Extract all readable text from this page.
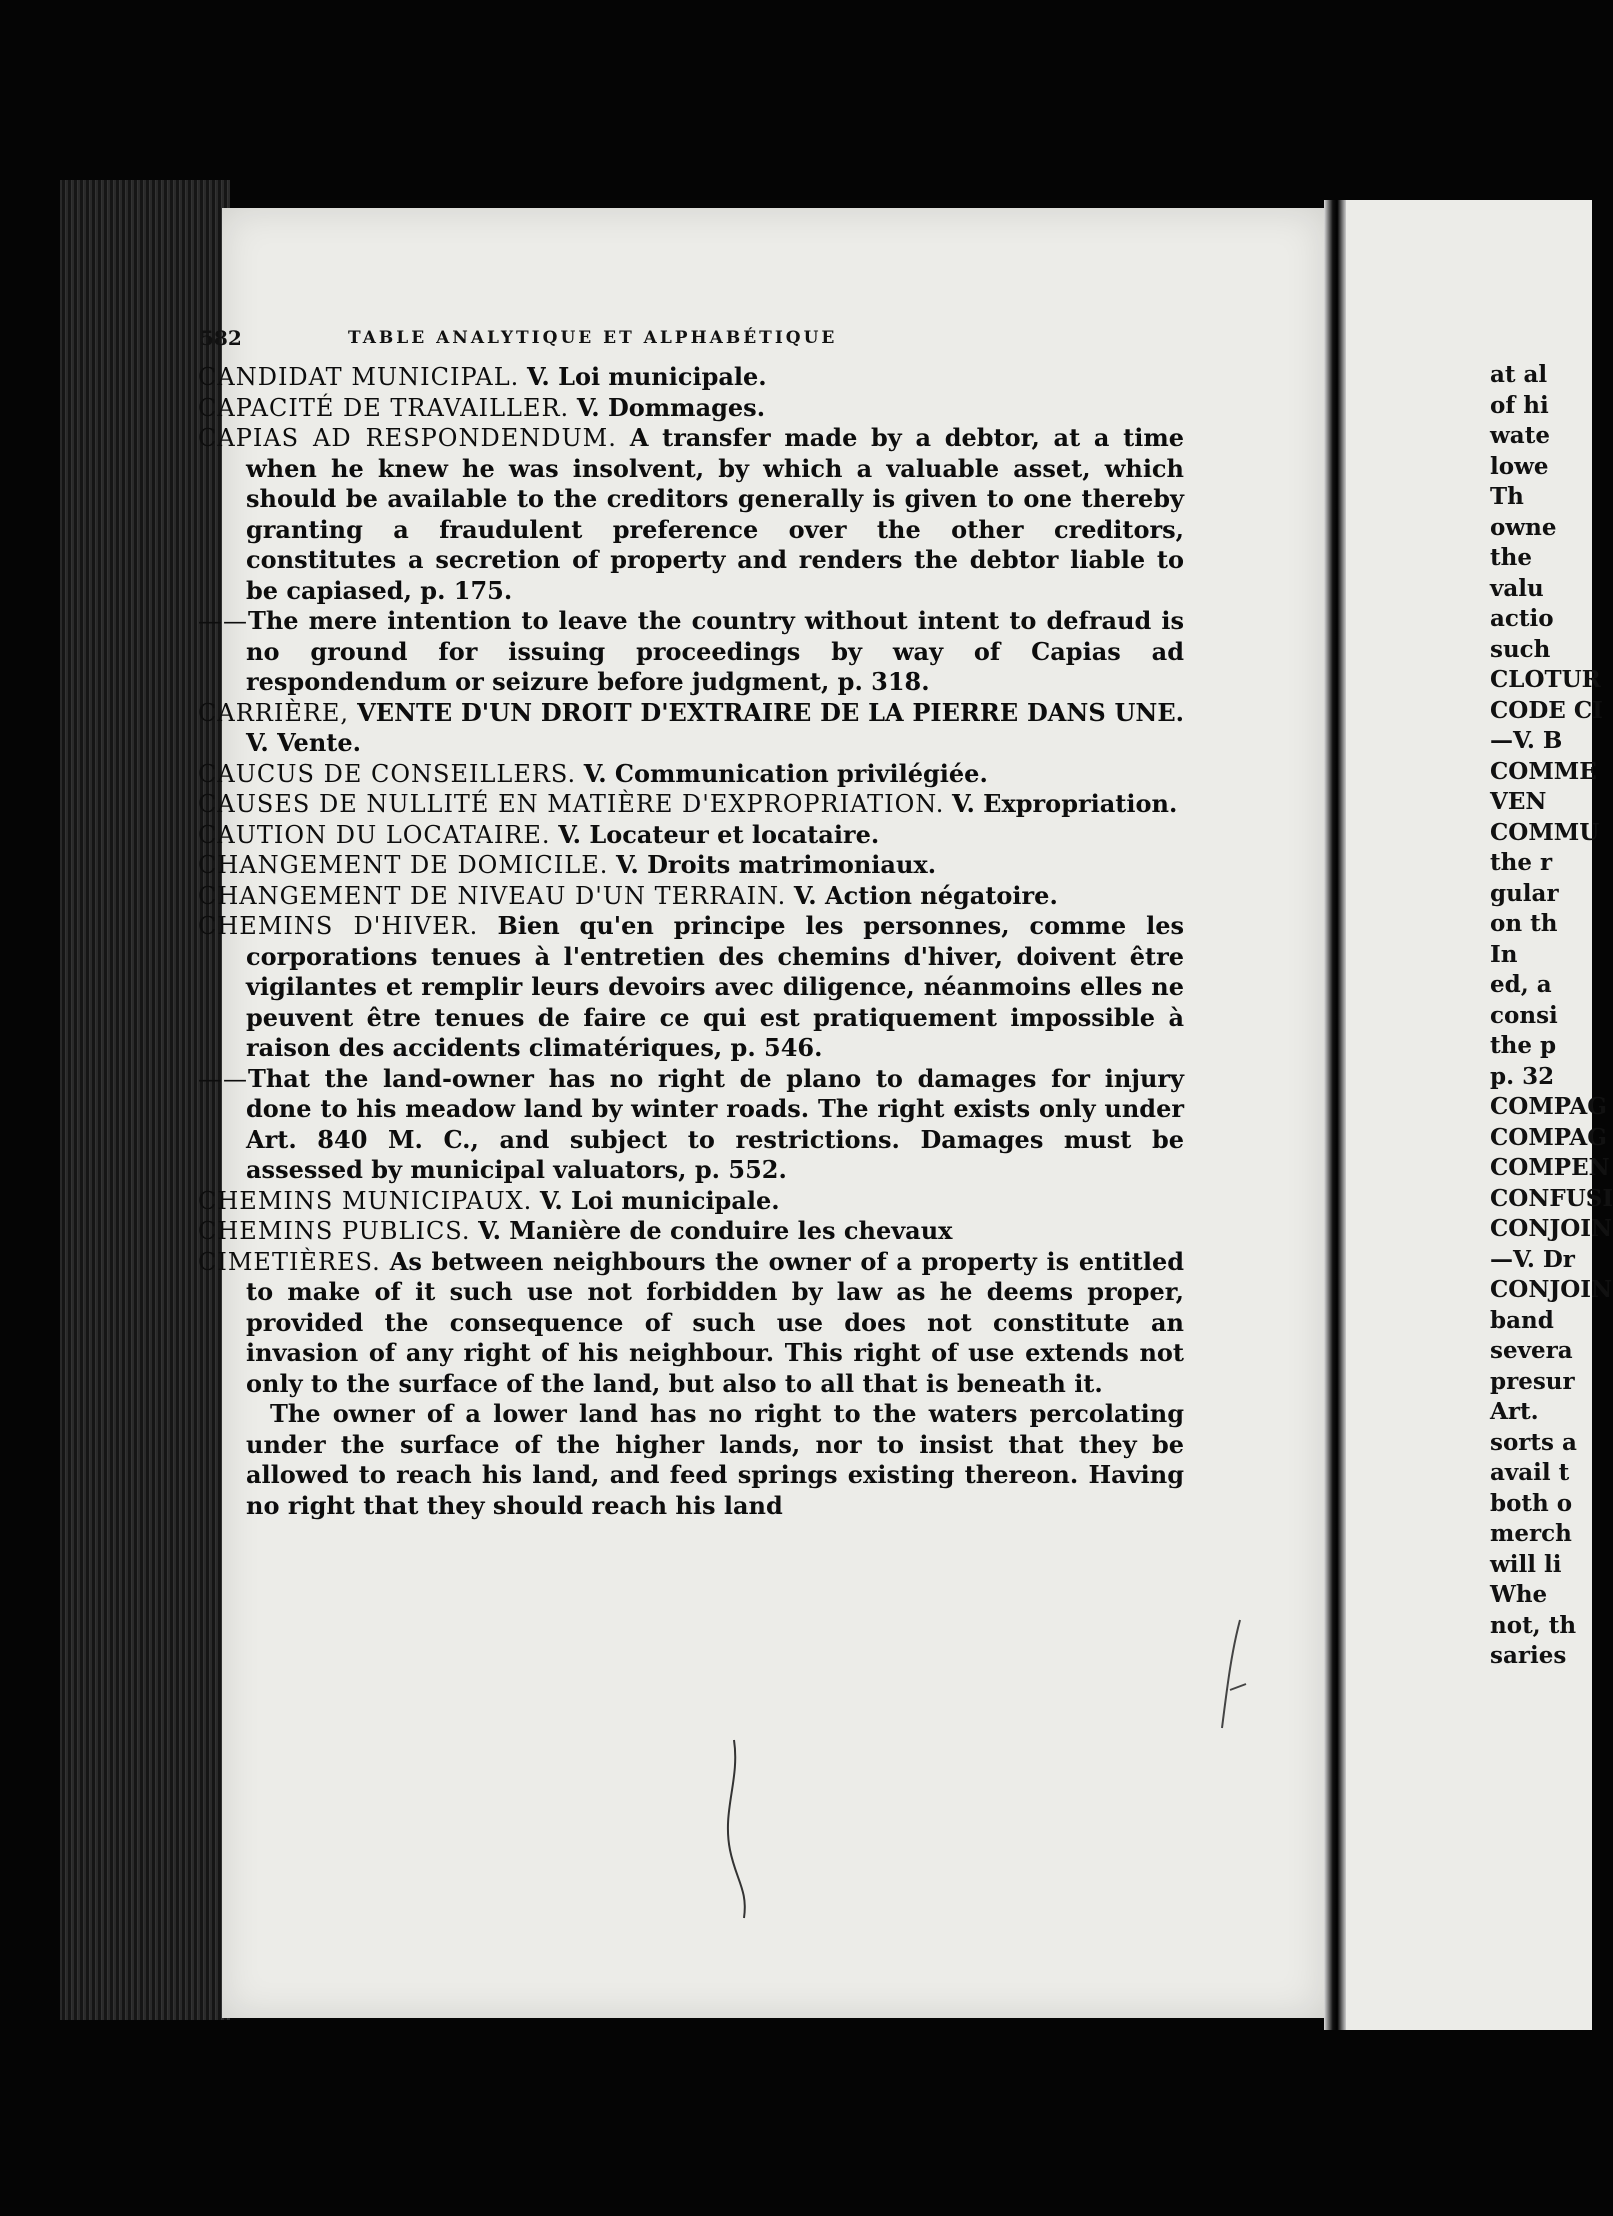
582	TABLE ANALYTIQUE ET ALPHABÉTIQUE

CANDIDAT MUNICIPAL. V. Loi municipale.

CAPACITÉ DE TRAVAILLER. V. Dommages.

CAPIAS AD RESPONDENDUM. A transfer made by a debtor, at a time when he knew he was insolvent, by which a valuable asset, which should be available to the creditors generally is given to one thereby granting a fraudulent preference over the other creditors, constitutes a secretion of property and renders the debtor liable to be capiased, p. 175.

——The mere intention to leave the country without intent to defraud is no ground for issuing proceedings by way of Capias ad respondendum or seizure before judgment, p. 318.

CARRIÈRE, VENTE D'UN DROIT D'EXTRAIRE DE LA PIERRE DANS UNE. V. Vente.

CAUCUS DE CONSEILLERS. V. Communication privilégiée.

CAUSES DE NULLITÉ EN MATIÈRE D'EXPROPRIATION. V. Expropriation.

CAUTION DU LOCATAIRE. V. Locateur et locataire.

CHANGEMENT DE DOMICILE. V. Droits matrimoniaux.

CHANGEMENT DE NIVEAU D'UN TERRAIN. V. Action négatoire.

CHEMINS D'HIVER. Bien qu'en principe les personnes, comme les corporations tenues à l'entretien des chemins d'hiver, doivent être vigilantes et remplir leurs devoirs avec diligence, néanmoins elles ne peuvent être tenues de faire ce qui est pratiquement impossible à raison des accidents climatériques, p. 546.

——That the land-owner has no right de plano to damages for injury done to his meadow land by winter roads. The right exists only under Art. 840 M. C., and subject to restrictions. Damages must be assessed by municipal valuators, p. 552.

CHEMINS MUNICIPAUX. V. Loi municipale.

CHEMINS PUBLICS. V. Manière de conduire les chevaux

CIMETIÈRES. As between neighbours the owner of a property is entitled to make of it such use not forbidden by law as he deems proper, provided the consequence of such use does not constitute an invasion of any right of his neighbour. This right of use extends not only to the surface of the land, but also to all that is beneath it.

The owner of a lower land has no right to the waters percolating under the surface of the higher lands, nor to insist that they be allowed to reach his land, and feed springs existing thereon. Having no right that they should reach his land

at al
of hi
wate
lowe
Th
owne
the
valu
actio
such
CLOTUR
CODE CI
—V. B
COMME
VEN
COMMU
the r
gular
on th
In
ed, a
consi
the p
p. 32
COMPAG
COMPAG
COMPEN
CONFUSI
CONJOIN
—V. Dr
CONJOIN
band
severa
presur
Art.
sorts a
avail t
both o
merch
will li
Whe
not, th
saries
